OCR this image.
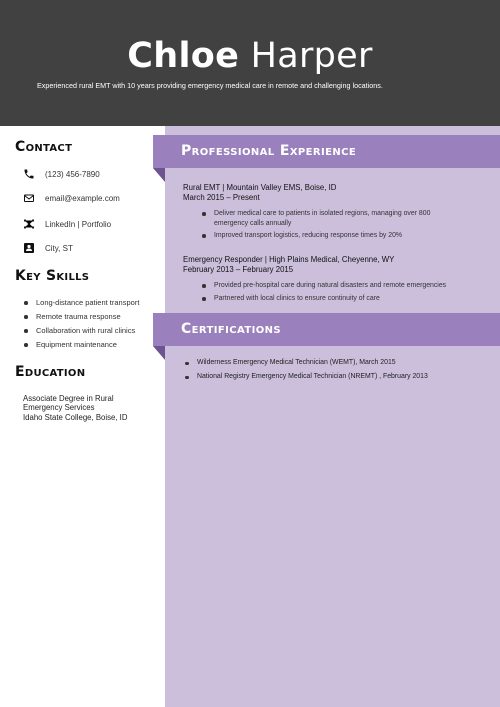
Chloe Harper
Experienced rural EMT with 10 years providing emergency medical care in remote and challenging locations.
Contact
(123) 456-7890
email@example.com
LinkedIn | Portfolio
City, ST
Key Skills
Long-distance patient transport
Remote trauma response
Collaboration with rural clinics
Equipment maintenance
Education
Associate Degree in Rural
Emergency Services
Idaho State College, Boise, ID
Professional Experience
Rural EMT | Mountain Valley EMS, Boise, ID
March 2015 – Present
Deliver medical care to patients in isolated regions, managing over 800 emergency calls annually
Improved transport logistics, reducing response times by 20%
Emergency Responder | High Plains Medical, Cheyenne, WY
February 2013 – February 2015
Provided pre-hospital care during natural disasters and remote emergencies
Partnered with local clinics to ensure continuity of care
Certifications
Wilderness Emergency Medical Technician (WEMT), March 2015
National Registry Emergency Medical Technician (NREMT) , February 2013
